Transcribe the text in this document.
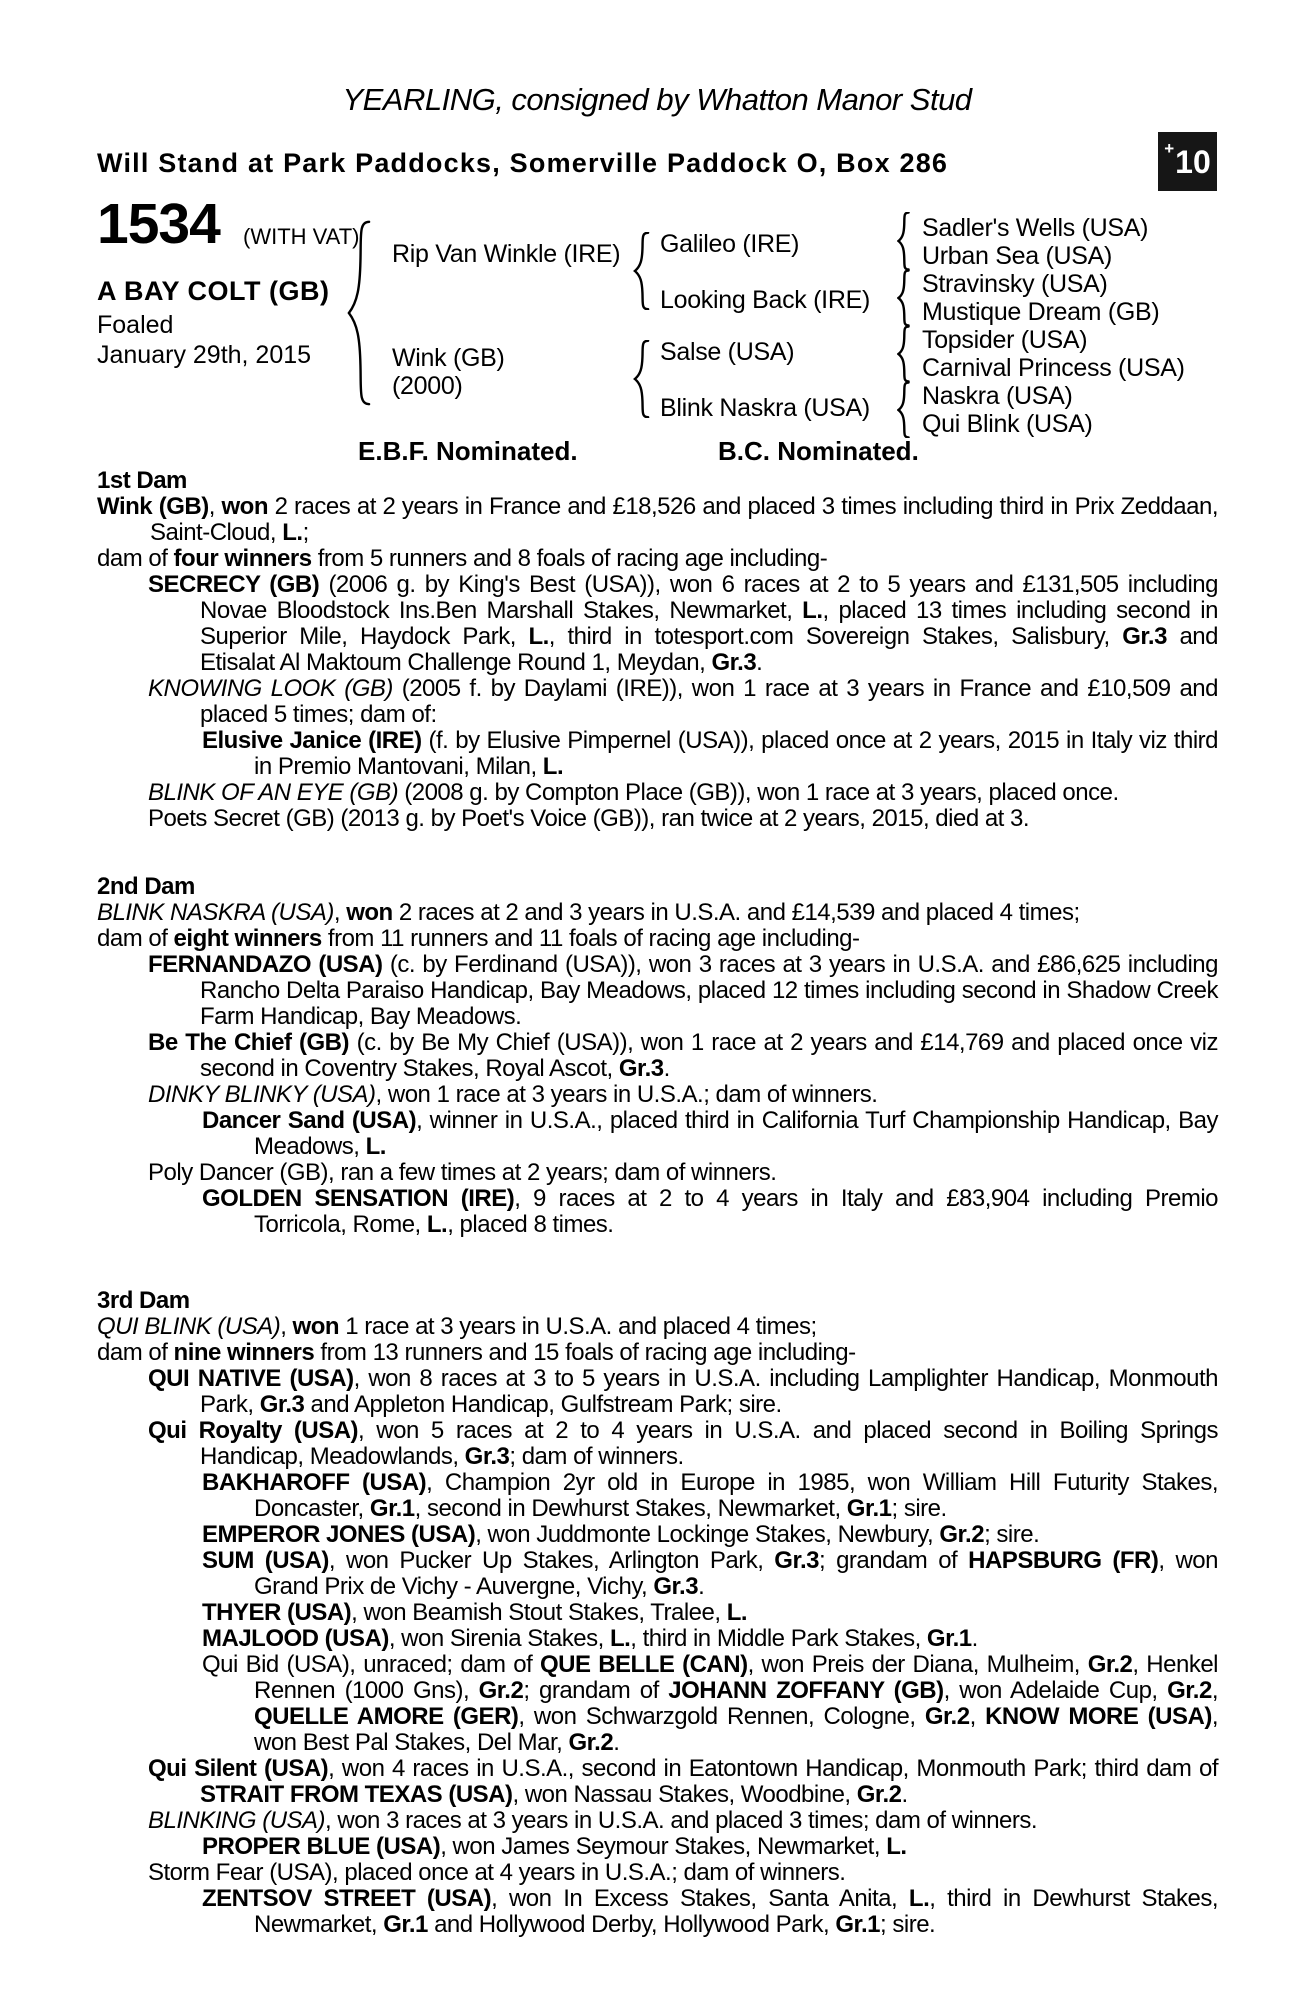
YEARLING, consigned by Whatton Manor Stud
Will Stand at Park Paddocks, Somerville Paddock O, Box 286	+ 10
1534 (WITH VAT)
A BAY COLT (GB)
Foaled
January 29th, 2015
Rip Van Winkle (IRE)
Wink (GB)
(2000)
Galileo (IRE)
Looking Back (IRE)
Salse (USA)
Blink Naskra (USA)
Sadler's Wells (USA)
Urban Sea (USA)
Stravinsky (USA)
Mustique Dream (GB)
Topsider (USA)
Carnival Princess (USA)
Naskra (USA)
Qui Blink (USA)
E.B.F. Nominated.	B.C. Nominated.
1st Dam

Wink (GB), won 2 races at 2 years in France and £18,526 and placed 3 times including third in Prix Zeddaan, Saint-Cloud, L.;

dam of four winners from 5 runners and 8 foals of racing age including-

SECRECY (GB) (2006 g. by King's Best (USA)), won 6 races at 2 to 5 years and £131,505 including Novae Bloodstock Ins.Ben Marshall Stakes, Newmarket, L., placed 13 times including second in Superior Mile, Haydock Park, L., third in totesport.com Sovereign Stakes, Salisbury, Gr.3 and Etisalat Al Maktoum Challenge Round 1, Meydan, Gr.3.

KNOWING LOOK (GB) (2005 f. by Daylami (IRE)), won 1 race at 3 years in France and £10,509 and placed 5 times; dam of:

Elusive Janice (IRE) (f. by Elusive Pimpernel (USA)), placed once at 2 years, 2015 in Italy viz third in Premio Mantovani, Milan, L.

BLINK OF AN EYE (GB) (2008 g. by Compton Place (GB)), won 1 race at 3 years, placed once.

Poets Secret (GB) (2013 g. by Poet's Voice (GB)), ran twice at 2 years, 2015, died at 3.

2nd Dam

BLINK NASKRA (USA), won 2 races at 2 and 3 years in U.S.A. and £14,539 and placed 4 times;

dam of eight winners from 11 runners and 11 foals of racing age including-

FERNANDAZO (USA) (c. by Ferdinand (USA)), won 3 races at 3 years in U.S.A. and £86,625 including Rancho Delta Paraiso Handicap, Bay Meadows, placed 12 times including second in Shadow Creek Farm Handicap, Bay Meadows.

Be The Chief (GB) (c. by Be My Chief (USA)), won 1 race at 2 years and £14,769 and placed once viz second in Coventry Stakes, Royal Ascot, Gr.3.

DINKY BLINKY (USA), won 1 race at 3 years in U.S.A.; dam of winners.

Dancer Sand (USA), winner in U.S.A., placed third in California Turf Championship Handicap, Bay Meadows, L.

Poly Dancer (GB), ran a few times at 2 years; dam of winners.

GOLDEN SENSATION (IRE), 9 races at 2 to 4 years in Italy and £83,904 including Premio Torricola, Rome, L., placed 8 times.

3rd Dam

QUI BLINK (USA), won 1 race at 3 years in U.S.A. and placed 4 times;

dam of nine winners from 13 runners and 15 foals of racing age including-

QUI NATIVE (USA), won 8 races at 3 to 5 years in U.S.A. including Lamplighter Handicap, Monmouth Park, Gr.3 and Appleton Handicap, Gulfstream Park; sire.

Qui Royalty (USA), won 5 races at 2 to 4 years in U.S.A. and placed second in Boiling Springs Handicap, Meadowlands, Gr.3; dam of winners.

BAKHAROFF (USA), Champion 2yr old in Europe in 1985, won William Hill Futurity Stakes, Doncaster, Gr.1, second in Dewhurst Stakes, Newmarket, Gr.1; sire.

EMPEROR JONES (USA), won Juddmonte Lockinge Stakes, Newbury, Gr.2; sire.

SUM (USA), won Pucker Up Stakes, Arlington Park, Gr.3; grandam of HAPSBURG (FR), won Grand Prix de Vichy - Auvergne, Vichy, Gr.3.

THYER (USA), won Beamish Stout Stakes, Tralee, L.

MAJLOOD (USA), won Sirenia Stakes, L., third in Middle Park Stakes, Gr.1.

Qui Bid (USA), unraced; dam of QUE BELLE (CAN), won Preis der Diana, Mulheim, Gr.2, Henkel Rennen (1000 Gns), Gr.2; grandam of JOHANN ZOFFANY (GB), won Adelaide Cup, Gr.2, QUELLE AMORE (GER), won Schwarzgold Rennen, Cologne, Gr.2, KNOW MORE (USA), won Best Pal Stakes, Del Mar, Gr.2.

Qui Silent (USA), won 4 races in U.S.A., second in Eatontown Handicap, Monmouth Park; third dam of STRAIT FROM TEXAS (USA), won Nassau Stakes, Woodbine, Gr.2.

BLINKING (USA), won 3 races at 3 years in U.S.A. and placed 3 times; dam of winners.

PROPER BLUE (USA), won James Seymour Stakes, Newmarket, L.

Storm Fear (USA), placed once at 4 years in U.S.A.; dam of winners.

ZENTSOV STREET (USA), won In Excess Stakes, Santa Anita, L., third in Dewhurst Stakes, Newmarket, Gr.1 and Hollywood Derby, Hollywood Park, Gr.1; sire.
